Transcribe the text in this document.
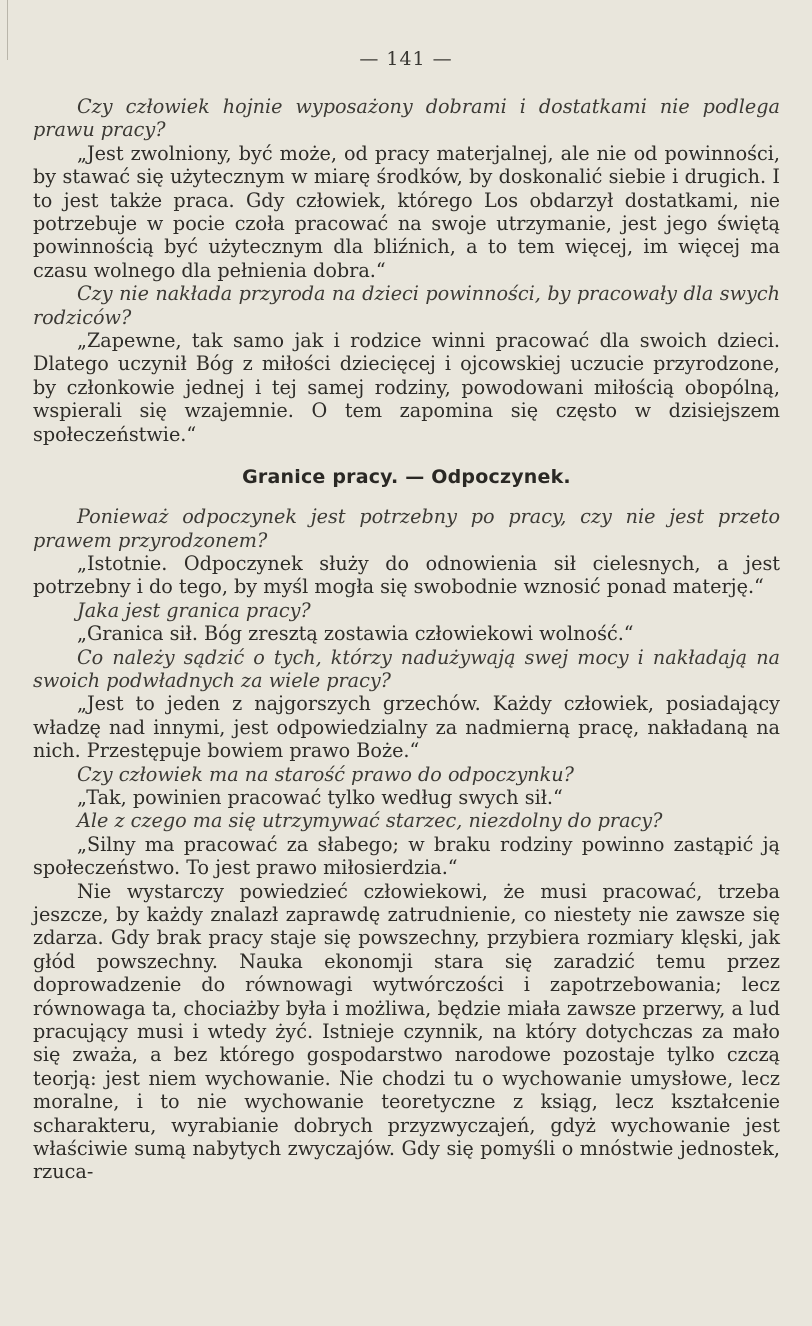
— 141 —

Czy człowiek hojnie wyposażony dobrami i dostatkami nie podlega prawu pracy?

„Jest zwolniony, być może, od pracy materjalnej, ale nie od powinności, by stawać się użytecznym w miarę środków, by doskonalić siebie i drugich. I to jest także praca. Gdy człowiek, którego Los obdarzył dostatkami, nie potrzebuje w pocie czoła pracować na swoje utrzymanie, jest jego świętą powinnością być użytecznym dla bliźnich, a to tem więcej, im więcej ma czasu wolnego dla pełnienia dobra.“

Czy nie nakłada przyroda na dzieci powinności, by pracowały dla swych rodziców?

„Zapewne, tak samo jak i rodzice winni pracować dla swoich dzieci. Dlatego uczynił Bóg z miłości dziecięcej i ojcowskiej uczucie przyrodzone, by członkowie jednej i tej samej rodziny, powodowani miłością obopólną, wspierali się wzajemnie. O tem zapomina się często w dzisiejszem społeczeństwie.“

Granice pracy. — Odpoczynek.

Ponieważ odpoczynek jest potrzebny po pracy, czy nie jest przeto prawem przyrodzonem?

„Istotnie. Odpoczynek służy do odnowienia sił cielesnych, a jest potrzebny i do tego, by myśl mogła się swobodnie wznosić ponad materję.“

Jaka jest granica pracy?

„Granica sił. Bóg zresztą zostawia człowiekowi wolność.“

Co należy sądzić o tych, którzy nadużywają swej mocy i nakładają na swoich podwładnych za wiele pracy?

„Jest to jeden z najgorszych grzechów. Każdy człowiek, posiadający władzę nad innymi, jest odpowiedzialny za nadmierną pracę, nakładaną na nich. Przestępuje bowiem prawo Boże.“

Czy człowiek ma na starość prawo do odpoczynku?

„Tak, powinien pracować tylko według swych sił.“

Ale z czego ma się utrzymywać starzec, niezdolny do pracy?

„Silny ma pracować za słabego; w braku rodziny powinno zastąpić ją społeczeństwo. To jest prawo miłosierdzia.“

Nie wystarczy powiedzieć człowiekowi, że musi pracować, trzeba jeszcze, by każdy znalazł zaprawdę zatrudnienie, co niestety nie zawsze się zdarza. Gdy brak pracy staje się powszechny, przybiera rozmiary klęski, jak głód powszechny. Nauka ekonomji stara się zaradzić temu przez doprowadzenie do równowagi wytwórczości i zapotrzebowania; lecz równowaga ta, chociażby była i możliwa, będzie miała zawsze przerwy, a lud pracujący musi i wtedy żyć. Istnieje czynnik, na który dotychczas za mało się zważa, a bez którego gospodarstwo narodowe pozostaje tylko czczą teorją: jest niem wychowanie. Nie chodzi tu o wychowanie umysłowe, lecz moralne, i to nie wychowanie teoretyczne z ksiąg, lecz kształcenie scharakteru, wyrabianie dobrych przyzwyczajeń, gdyż wychowanie jest właściwie sumą nabytych zwyczajów. Gdy się pomyśli o mnóstwie jednostek, rzuca-
